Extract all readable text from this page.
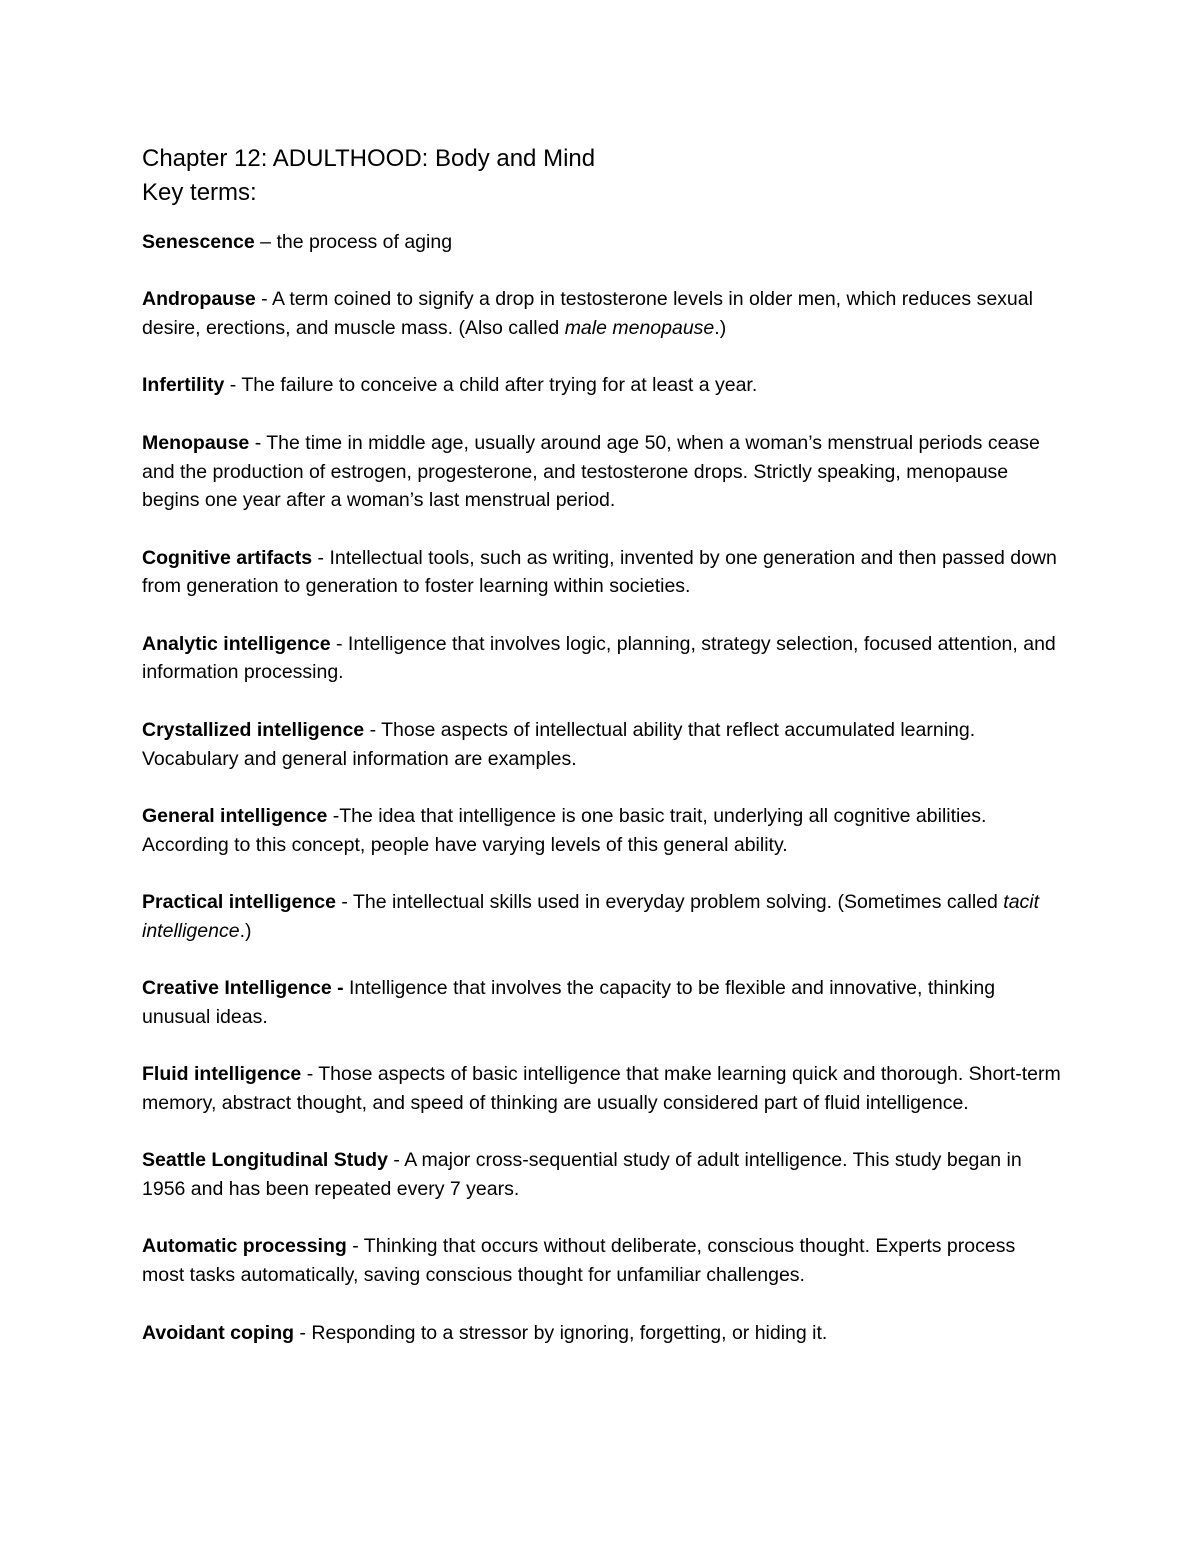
Chapter 12: ADULTHOOD: Body and Mind
Key terms:

Senescence – the process of aging

Andropause - A term coined to signify a drop in testosterone levels in older men, which reduces sexual desire, erections, and muscle mass. (Also called male menopause.)

Infertility - The failure to conceive a child after trying for at least a year.

Menopause - The time in middle age, usually around age 50, when a woman’s menstrual periods cease and the production of estrogen, progesterone, and testosterone drops. Strictly speaking, menopause begins one year after a woman’s last menstrual period.

Cognitive artifacts - Intellectual tools, such as writing, invented by one generation and then passed down from generation to generation to foster learning within societies.

Analytic intelligence - Intelligence that involves logic, planning, strategy selection, focused attention, and information processing.

Crystallized intelligence - Those aspects of intellectual ability that reflect accumulated learning. Vocabulary and general information are examples.

General intelligence -The idea that intelligence is one basic trait, underlying all cognitive abilities. According to this concept, people have varying levels of this general ability.

Practical intelligence - The intellectual skills used in everyday problem solving. (Sometimes called tacit intelligence.)

Creative Intelligence - Intelligence that involves the capacity to be flexible and innovative, thinking unusual ideas.

Fluid intelligence - Those aspects of basic intelligence that make learning quick and thorough. Short-term memory, abstract thought, and speed of thinking are usually considered part of fluid intelligence.

Seattle Longitudinal Study - A major cross-sequential study of adult intelligence. This study began in 1956 and has been repeated every 7 years.

Automatic processing - Thinking that occurs without deliberate, conscious thought. Experts process most tasks automatically, saving conscious thought for unfamiliar challenges.

Avoidant coping - Responding to a stressor by ignoring, forgetting, or hiding it.
